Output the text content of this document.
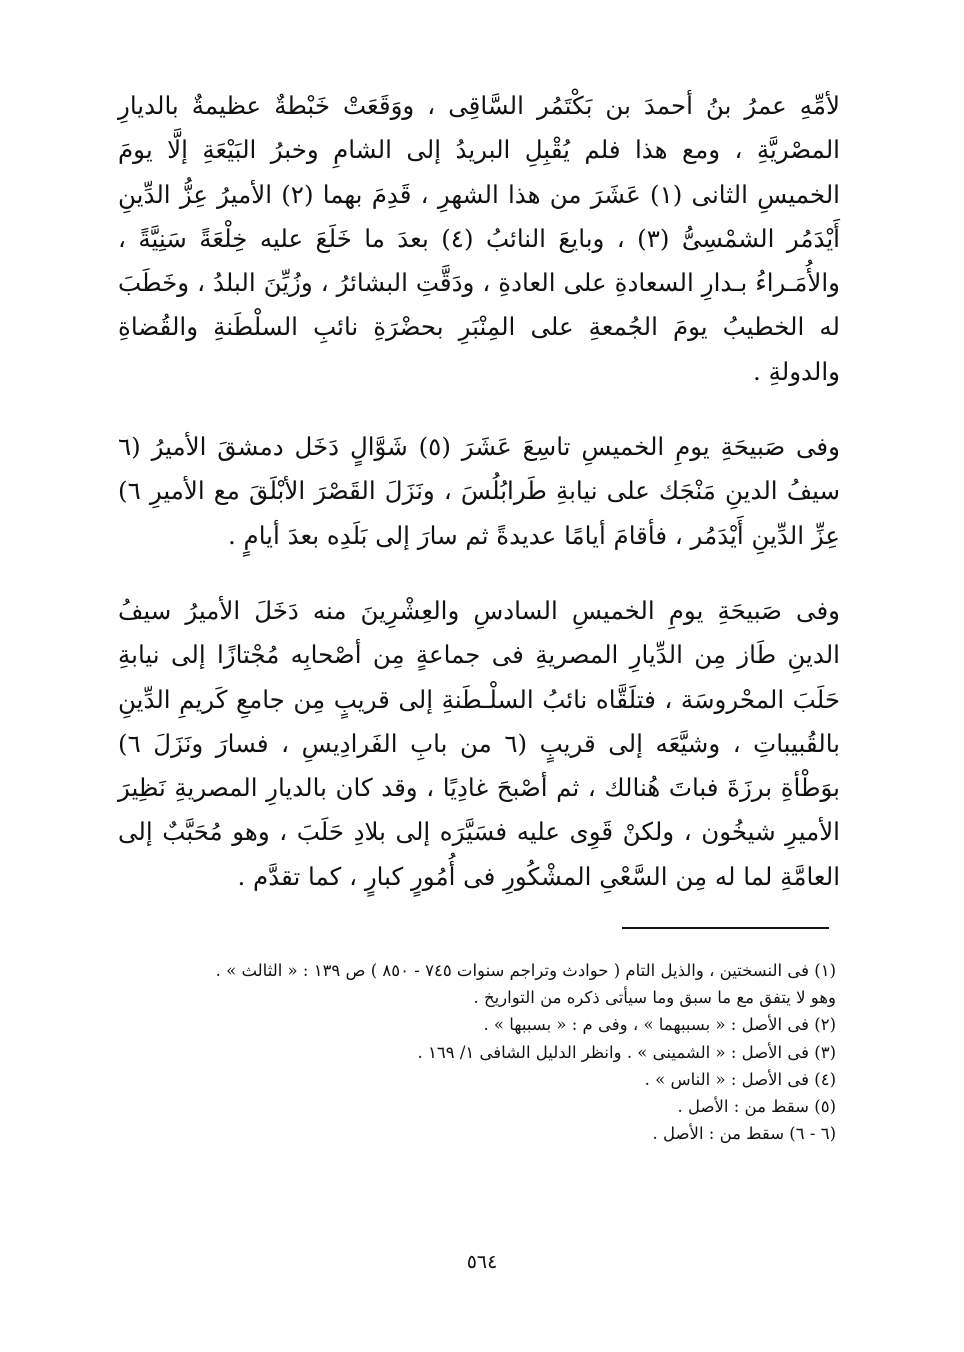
لأمِّهِ عمرُ بنُ أحمدَ بن بَكْتَمُر السَّاقِى ، ووَقَعَتْ خَبْطةٌ عظيمةٌ بالديارِ المصْريَّةِ ، ومع هذا فلم يُقْبِلِ البريدُ إلى الشامِ وخبرُ البَيْعَةِ إلَّا يومَ الخميسِ الثانى (١) عَشَرَ من هذا الشهرِ ، قَدِمَ بهما (٢) الأميرُ عِزُّ الدِّينِ أَيْدَمُر الشمْسِىُّ (٣) ، وبايعَ النائبُ (٤) بعدَ ما خَلَعَ عليه خِلْعَةً سَنِيَّةً ، والأُمَـراءُ بـدارِ السعادةِ على العادةِ ، ودَقَّتِ البشائرُ ، وزُيِّنَ البلدُ ، وخَطَبَ له الخطيبُ يومَ الجُمعةِ على المِنْبَرِ بحضْرَةِ نائبِ السلْطَنةِ والقُضاةِ والدولةِ .

وفى صَبيحَةِ يومِ الخميسِ تاسِعَ عَشَرَ (٥) شَوَّالٍ دَخَل دمشقَ الأميرُ (٦ سيفُ الدينِ مَنْجَك على نيابةِ طَرابُلُسَ ، ونَزَلَ القَصْرَ الأبْلَقَ مع الأميرِ ٦) عِزِّ الدِّينِ أَيْدَمُر ، فأقامَ أيامًا عديدةً ثم سارَ إلى بَلَدِه بعدَ أيامٍ .

وفى صَبيحَةِ يومِ الخميسِ السادسِ والعِشْرِينَ منه دَخَلَ الأميرُ سيفُ الدينِ طَاز مِن الدِّيارِ المصريةِ فى جماعةٍ مِن أصْحابِه مُجْتازًا إلى نيابةِ حَلَبَ المحْروسَة ، فتلَقَّاه نائبُ السلْـطَنةِ إلى قريبٍ مِن جامعِ كَريمِ الدِّينِ بالقُبيباتِ ، وشيَّعَه إلى قريبٍ (٦ من بابِ الفَرادِيسِ ، فسارَ ونَزَلَ ٦) بوَطْأةِ برزَةَ فباتَ هُنالك ، ثم أصْبحَ غادِيًا ، وقد كان بالديارِ المصريةِ نَظِيرَ الأميرِ شيخُون ، ولكنْ قَوِى عليه فسَيَّرَه إلى بلادِ حَلَبَ ، وهو مُحَبَّبٌ إلى العامَّةِ لما له مِن السَّعْىِ المشْكُورِ فى أُمُورٍ كبارٍ ، كما تقدَّم .

(١) فى النسختين ، والذيل التام ( حوادث وتراجم سنوات ٧٤٥ - ٨٥٠ ) ص ١٣٩ : « الثالث » .

وهو لا يتفق مع ما سبق وما سيأتى ذكره من التواريخ .

(٢) فى الأصل : « بسببهما » ، وفى م : « بسببها » .

(٣) فى الأصل : « الشمينى » . وانظر الدليل الشافى ١/ ١٦٩ .

(٤) فى الأصل : « الناس » .

(٥) سقط من : الأصل .

(٦ - ٦) سقط من : الأصل .

٥٦٤
